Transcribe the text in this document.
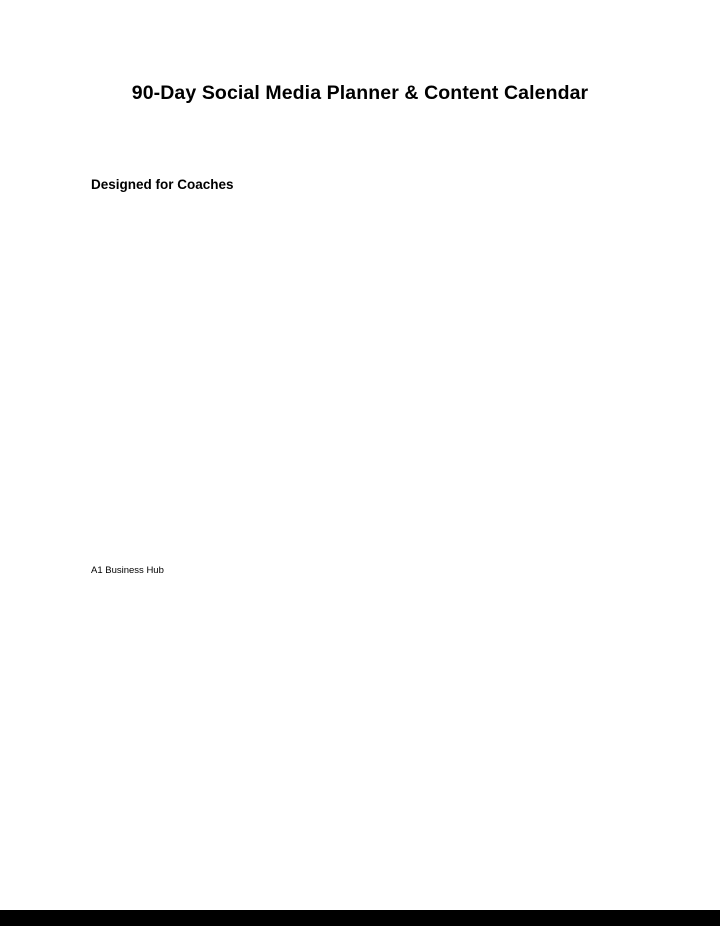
90-Day Social Media Planner & Content Calendar
Designed for Coaches
A1 Business Hub
